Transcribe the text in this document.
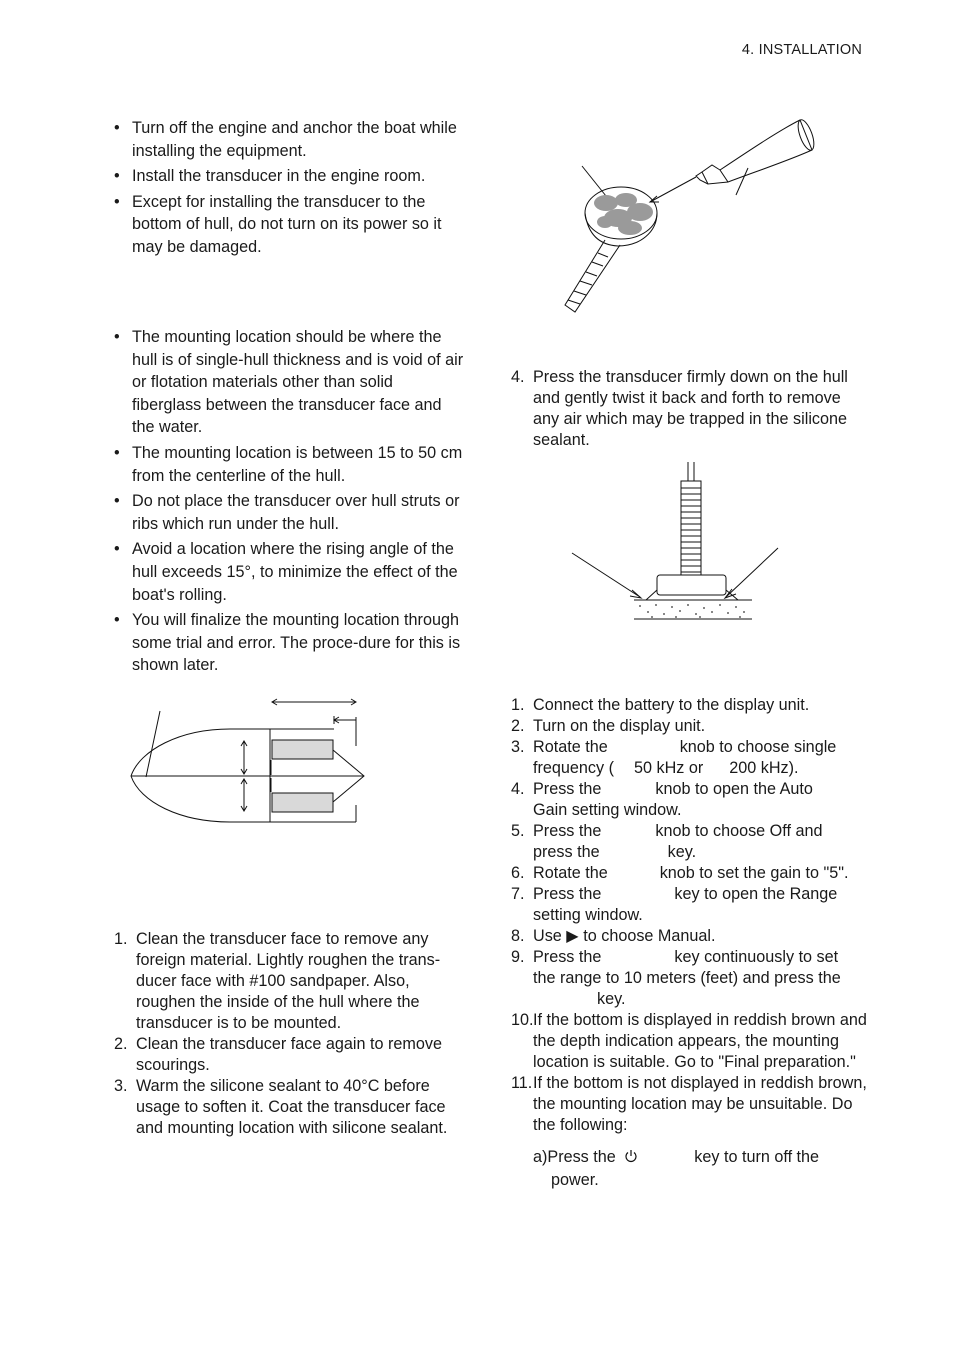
4. INSTALLATION
• Turn off the engine and anchor the boat while installing the equipment.
• Install the transducer in the engine room.
• Except for installing the transducer to the bottom of hull, do not turn on its power so it may be damaged.
• The mounting location should be where the hull is of single-hull thickness and is void of air or flotation materials other than solid fiberglass between the transducer face and the water.
• The mounting location is between 15 to 50 cm from the centerline of the hull.
• Do not place the transducer over hull struts or ribs which run under the hull.
• Avoid a location where the rising angle of the hull exceeds 15°, to minimize the effect of the boat's rolling.
• You will finalize the mounting location through some trial and error. The proce-dure for this is shown later.
1. Clean the transducer face to remove any foreign material. Lightly roughen the trans-ducer face with #100 sandpaper. Also, roughen the inside of the hull where the transducer is to be mounted.
2. Clean the transducer face again to remove scourings.
3. Warm the silicone sealant to 40°C before usage to soften it. Coat the transducer face and mounting location with silicone sealant.
4. Press the transducer firmly down on the hull and gently twist it back and forth to remove any air which may be trapped in the silicone sealant.
1. Connect the battery to the display unit.
2. Turn on the display unit.
3. Rotate the	knob to choose single
frequency ( 50 kHz or 200 kHz).
4. Press the	knob to open the Auto
Gain setting window.
5. Press the	knob to choose Off and
press the	key.
6. Rotate the	knob to set the gain to "5".
7. Press the	key to open the Range
setting window.
8. Use ▶ to choose Manual.
9. Press the	key continuously to set
the range to 10 meters (feet) and press the
key.
10. If the bottom is displayed in reddish brown and the depth indication appears, the mounting location is suitable. Go to "Final preparation."
11. If the bottom is not displayed in reddish brown, the mounting location may be unsuitable. Do the following:
a)Press the	key to turn off the
power.
